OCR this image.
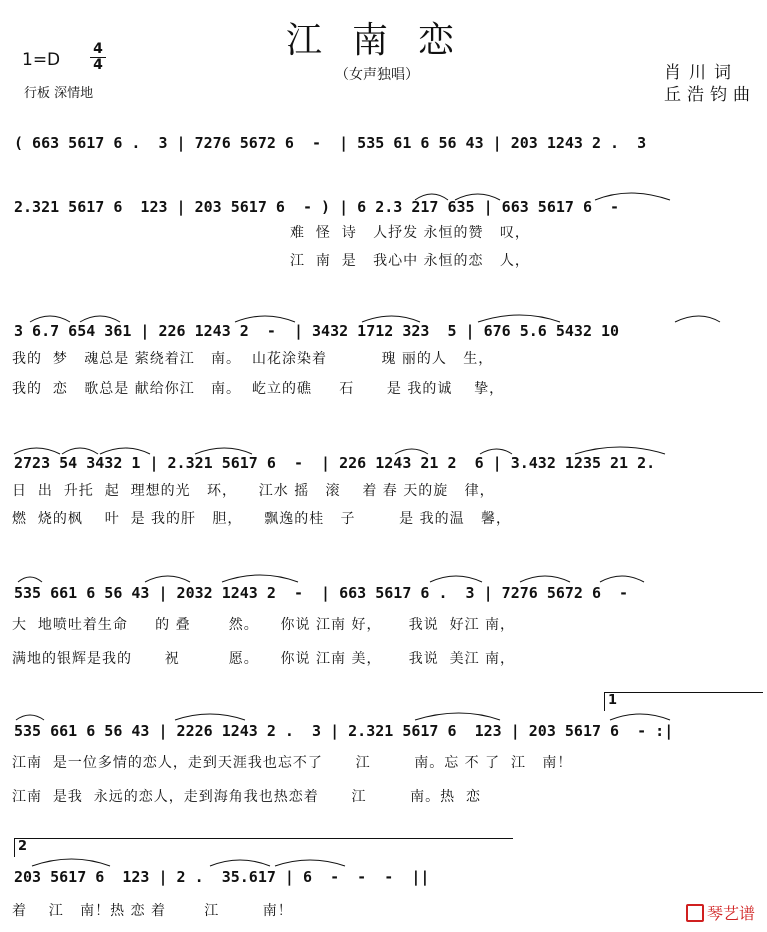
江南恋
（女声独唱）
1=D
4
4
行板 深情地
肖川词
丘浩钧曲
( 663 5617 6 .  3 | 7276 5672 6  -  | 535 61 6 56 43 | 203 1243 2 .  3
2.321 5617 6  123 | 203 5617 6  - ) | 6 2.3 217 635 | 663 5617 6  -
难  怪  诗   人抒发 永恒的赞   叹，
江  南  是   我心中 永恒的恋   人，
3 6.7 654 361 | 226 1243 2  -  | 3432 1712 323  5 | 676 5.6 5432 10
我的  梦   魂总是 萦绕着江   南。  山花涂染着          瑰 丽的人   生，
我的  恋   歌总是 献给你江   南。  屹立的礁     石      是 我的诚    挚，
2723 54 3432 1 | 2.321 5617 6  -  | 226 1243 21 2  6 | 3.432 1235 21 2.
日  出  升托  起  理想的光   环，    江水 摇   滚    着 春 天的旋   律，
燃  烧的枫    叶  是 我的肝   胆，    飘逸的桂   子        是 我的温   馨，
535 661 6 56 43 | 2032 1243 2  -  | 663 5617 6 .  3 | 7276 5672 6  -
大  地喷吐着生命     的 叠       然。    你说 江南 好，     我说  好江 南，
满地的银辉是我的      祝         愿。    你说 江南 美，     我说  美江 南，
1
535 661 6 56 43 | 2226 1243 2 .  3 | 2.321 5617 6  123 | 203 5617 6  - :|
江南  是一位多情的恋人，走到天涯我也忘不了      江        南。忘 不 了  江   南！
江南  是我  永远的恋人，走到海角我也热恋着      江        南。热  恋
2
203 5617 6  123 | 2 .  35.617 | 6  -  -  -  ||
着    江   南！热 恋 着       江        南！	琴艺谱
